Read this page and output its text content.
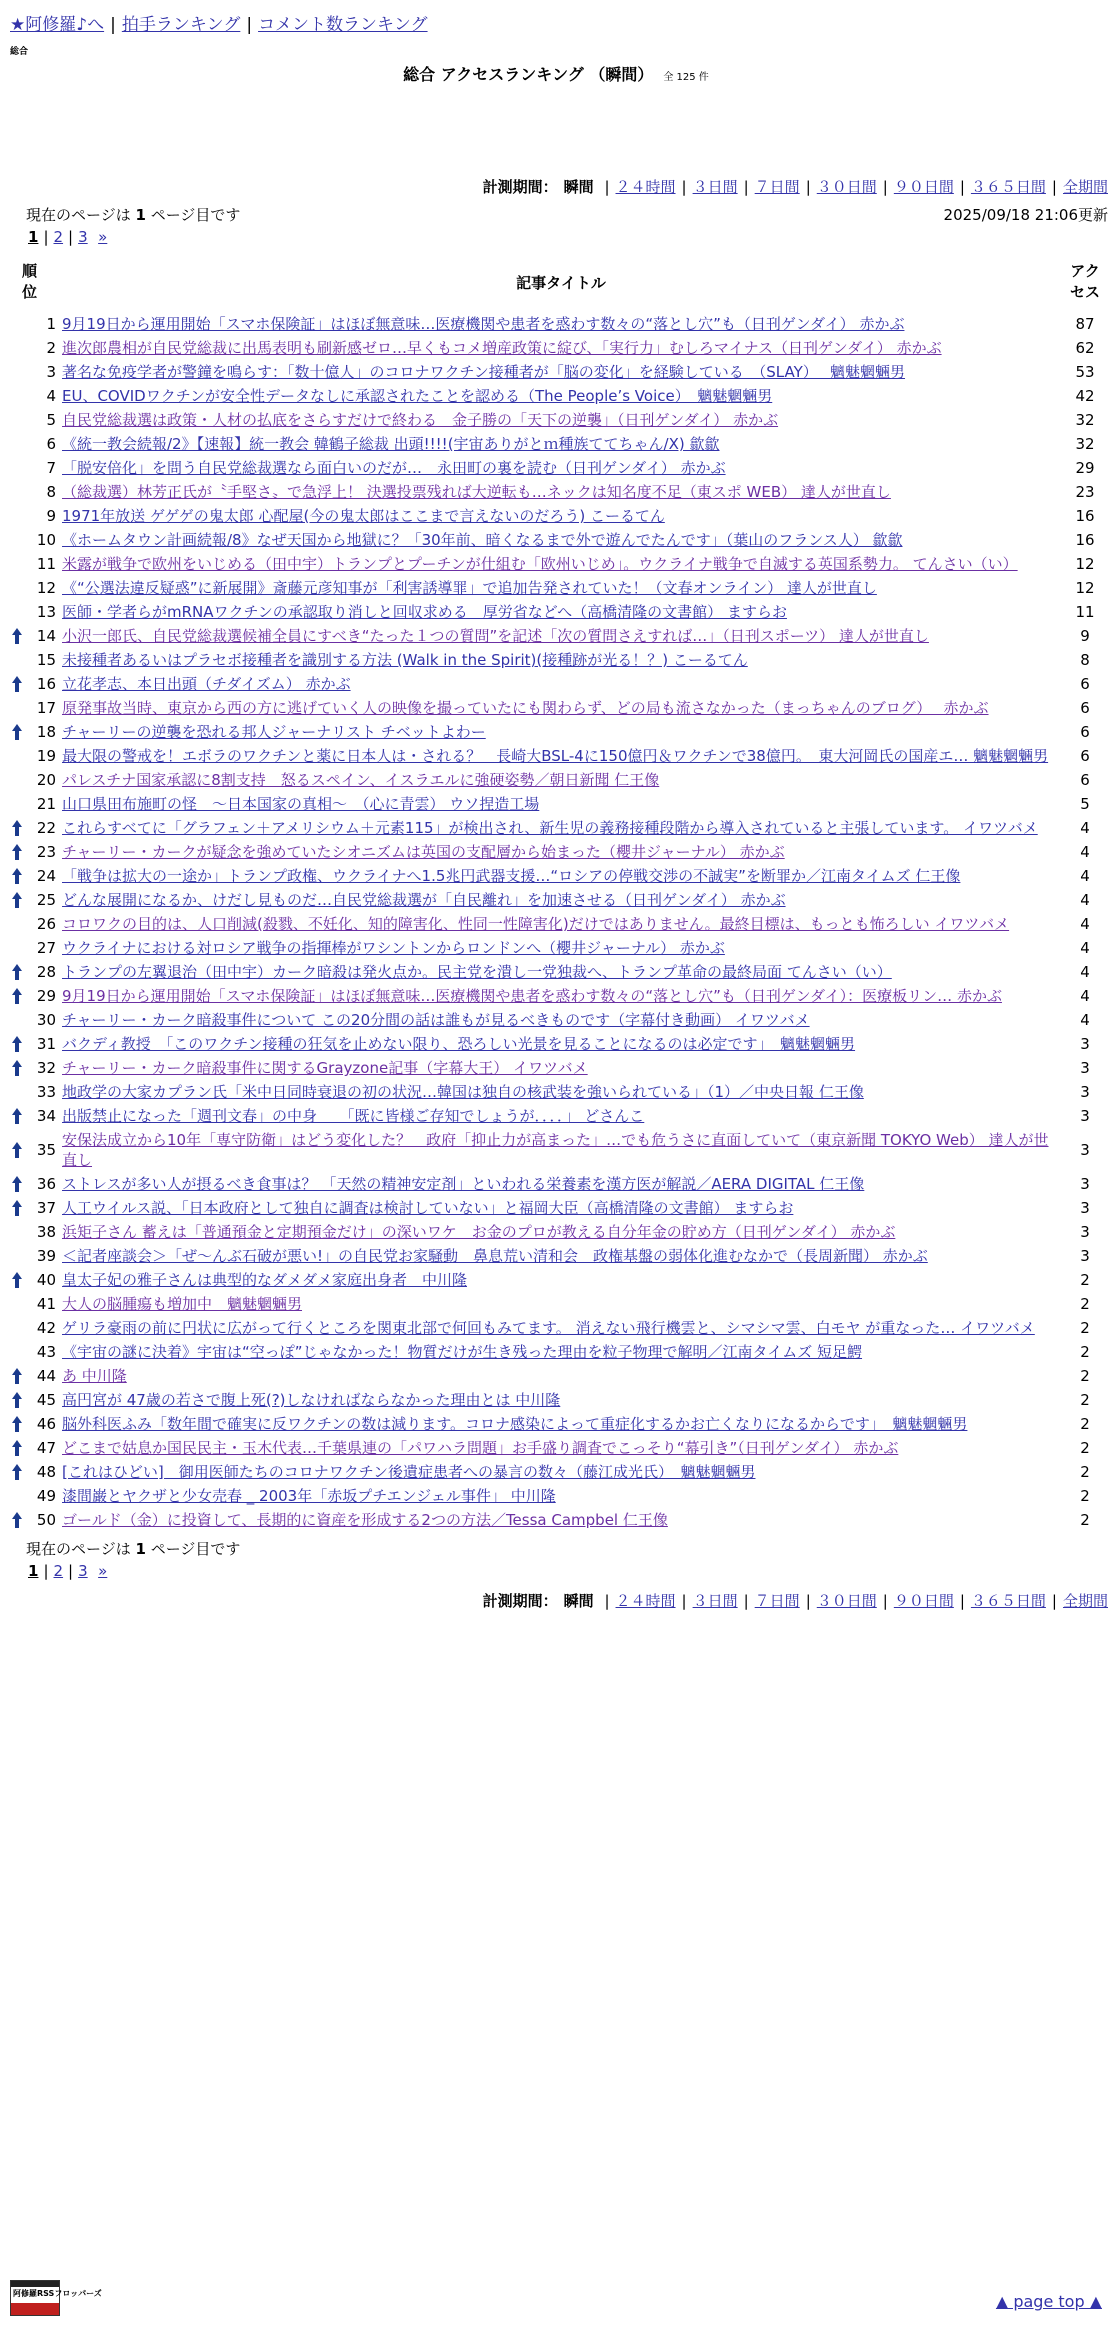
★阿修羅♪へ | 拍手ランキング | コメント数ランキング
総合
総合 アクセスランキング （瞬間） 全 125 件
計測期間： 瞬間 | ２４時間 | ３日間 | ７日間 | ３０日間 | ９０日間 | ３６５日間 | 全期間
現在のページは 1 ページ目です	2025/09/18 21:06更新
1 | 2 | 3 »
順
位	記事タイトル	アク
セス
1	9月19日から運用開始「スマホ保険証」はほぼ無意味…医療機関や患者を惑わす数々の“落とし穴”も（日刊ゲンダイ） 赤かぶ	87
2	進次郎農相が自民党総裁に出馬表明も刷新感ゼロ…早くもコメ増産政策に綻び、「実行力」むしろマイナス（日刊ゲンダイ） 赤かぶ	62
3	著名な免疫学者が警鐘を鳴らす：「数十億人」のコロナワクチン接種者が「脳の変化」を経験している　（SLAY）　 魑魅魍魎男	53
4	EU、COVIDワクチンが安全性データなしに承認されたことを認める（The People’s Voice）　魑魅魍魎男	42
5	自民党総裁選は政策・人材の払底をさらすだけで終わる　金子勝の「天下の逆襲」（日刊ゲンダイ） 赤かぶ	32
6	《統一教会続報/2》【速報】統一教会 韓鶴子総裁 出頭!!!!(宇宙ありがとｍ種族ててちゃん/X) 歙歙	32
7	「脱安倍化」を問う自民党総裁選なら面白いのだが…　永田町の裏を読む（日刊ゲンダイ） 赤かぶ	29
8	（総裁選）林芳正氏が〝手堅さ〟で急浮上！ 決選投票残れば大逆転も…ネックは知名度不足（東スポ WEB） 達人が世直し	23
9	1971年放送 ゲゲゲの鬼太郎 心配屋(今の鬼太郎はここまで言えないのだろう) こーるてん	16
10	《ホームタウン計画続報/8》なぜ天国から地獄に？「30年前、暗くなるまで外で遊んでたんです」（葉山のフランス人） 歙歙	16
11	米露が戦争で欧州をいじめる（田中宇）トランプとプーチンが仕組む「欧州いじめ」。ウクライナ戦争で自滅する英国系勢力。 てんさい（い）	12
12	《“公選法違反疑惑”に新展開》斎藤元彦知事が「利害誘導罪」で追加告発されていた！（文春オンライン） 達人が世直し	12
13	医師・学者らがmRNAワクチンの承認取り消しと回収求める　厚労省などへ（高橋清隆の文書館） ますらお	11

14	小沢一郎氏、自民党総裁選候補全員にすべき“たった１つの質問”を記述「次の質問さえすれば…」（日刊スポーツ） 達人が世直し	9
15	未接種者あるいはプラセボ接種者を識別する方法 (Walk in the Spirit)(接種跡が光る！？) こーるてん	8

16	立花孝志、本日出頭（チダイズム） 赤かぶ	6
17	原発事故当時、東京から西の方に逃げていく人の映像を撮っていたにも関わらず、どの局も流さなかった（まっちゃんのブログ）　 赤かぶ	6

18	チャーリーの逆襲を恐れる邦人ジャーナリスト チベットよわー	6
19	最大限の警戒を！エボラのワクチンと薬に日本人は・される？　長崎大BSL-4に150億円＆ワクチンで38億円。　東大河岡氏の国産エ… 魑魅魍魎男	6
20	パレスチナ国家承認に8割支持　怒るスペイン、イスラエルに強硬姿勢／朝日新聞 仁王像	6
21	山口県田布施町の怪　～日本国家の真相～　（心に青雲） ウソ捏造工場	5

22	これらすべてに「グラフェン＋アメリシウム＋元素115」が検出され、新生児の義務接種段階から導入されていると主張しています。 イワツバメ	4

23	チャーリー・カークが疑念を強めていたシオニズムは英国の支配層から始まった（櫻井ジャーナル） 赤かぶ	4

24	「戦争は拡大の一途か」トランプ政権、ウクライナへ1.5兆円武器支援…“ロシアの停戦交渉の不誠実”を断罪か／江南タイムズ 仁王像	4

25	どんな展開になるか、けだし見ものだ…自民党総裁選が「自民離れ」を加速させる（日刊ゲンダイ） 赤かぶ	4
26	コロワクの目的は、人口削減(殺戮、不妊化、知的障害化、性同一性障害化)だけではありません。最終目標は、もっとも怖ろしい イワツバメ	4
27	ウクライナにおける対ロシア戦争の指揮棒がワシントンからロンドンへ（櫻井ジャーナル） 赤かぶ	4

28	トランプの左翼退治（田中宇）カーク暗殺は発火点か。民主党を潰し一党独裁へ、トランプ革命の最終局面 てんさい（い）	4

29	9月19日から運用開始「スマホ保険証」はほぼ無意味…医療機関や患者を惑わす数々の“落とし穴”も（日刊ゲンダイ）：医療板リン… 赤かぶ	4
30	チャーリー・カーク暗殺事件について この20分間の話は誰もが見るべきものです（字幕付き動画） イワツバメ	4

31	バクディ教授　「このワクチン接種の狂気を止めない限り、恐ろしい光景を見ることになるのは必定です」　魑魅魍魎男	3

32	チャーリー・カーク暗殺事件に関するGrayzone記事（字幕大王） イワツバメ	3
33	地政学の大家カプラン氏「米中日同時衰退の初の状況…韓国は独自の核武装を強いられている」（1）／中央日報 仁王像	3

34	出版禁止になった「週刊文春」の中身　　「既に皆様ご存知でしょうが．．．．」 どさんこ	3

35	安保法成立から10年「専守防衛」はどう変化した？　政府「抑止力が高まった」…でも危うさに直面していて（東京新聞 TOKYO Web） 達人が世直し	3

36	ストレスが多い人が摂るべき食事は？ 「天然の精神安定剤」といわれる栄養素を漢方医が解説／AERA DIGITAL 仁王像	3

37	人工ウイルス説、「日本政府として独自に調査は検討していない」と福岡大臣（高橋清隆の文書館） ますらお	3
38	浜矩子さん 蓄えは「普通預金と定期預金だけ」の深いワケ　お金のプロが教える自分年金の貯め方（日刊ゲンダイ） 赤かぶ	3
39	＜記者座談会＞「ぜ～んぶ石破が悪い!」の自民党お家騒動　鼻息荒い清和会　政権基盤の弱体化進むなかで（長周新聞） 赤かぶ	3

40	皇太子妃の雅子さんは典型的なダメダメ家庭出身者　中川隆	2
41	大人の脳腫瘍も増加中　魑魅魍魎男	2
42	ゲリラ豪雨の前に円状に広がって行くところを関東北部で何回もみてます。 消えない飛行機雲と、シマシマ雲、白モヤ が重なった… イワツバメ	2
43	《宇宙の謎に決着》宇宙は“空っぽ”じゃなかった！物質だけが生き残った理由を粒子物理で解明／江南タイムズ 短足鰐	2

44	あ 中川隆	2

45	高円宮が 47歳の若さで腹上死(?)しなければならなかった理由とは 中川隆	2

46	脳外科医ふみ「数年間で確実に反ワクチンの数は減ります。コロナ感染によって重症化するかお亡くなりになるからです」　魑魅魍魎男	2

47	どこまで姑息か国民民主・玉木代表…千葉県連の「パワハラ問題」お手盛り調査でこっそり“幕引き”（日刊ゲンダイ） 赤かぶ	2

48	[これはひどい]　御用医師たちのコロナワクチン後遺症患者への暴言の数々（藤江成光氏）　魑魅魍魎男	2
49	漆間巌とヤクザと少女売春 _ 2003年「赤坂プチエンジェル事件」 中川隆	2

50	ゴールド（金）に投資して、長期的に資産を形成する2つの方法／Tessa Campbel 仁王像	2
現在のページは 1 ページ目です
1 | 2 | 3 »
計測期間： 瞬間 | ２４時間 | ３日間 | ７日間 | ３０日間 | ９０日間 | ３６５日間 | 全期間
阿修羅RSSフロッパーズ	▲ page top ▲
